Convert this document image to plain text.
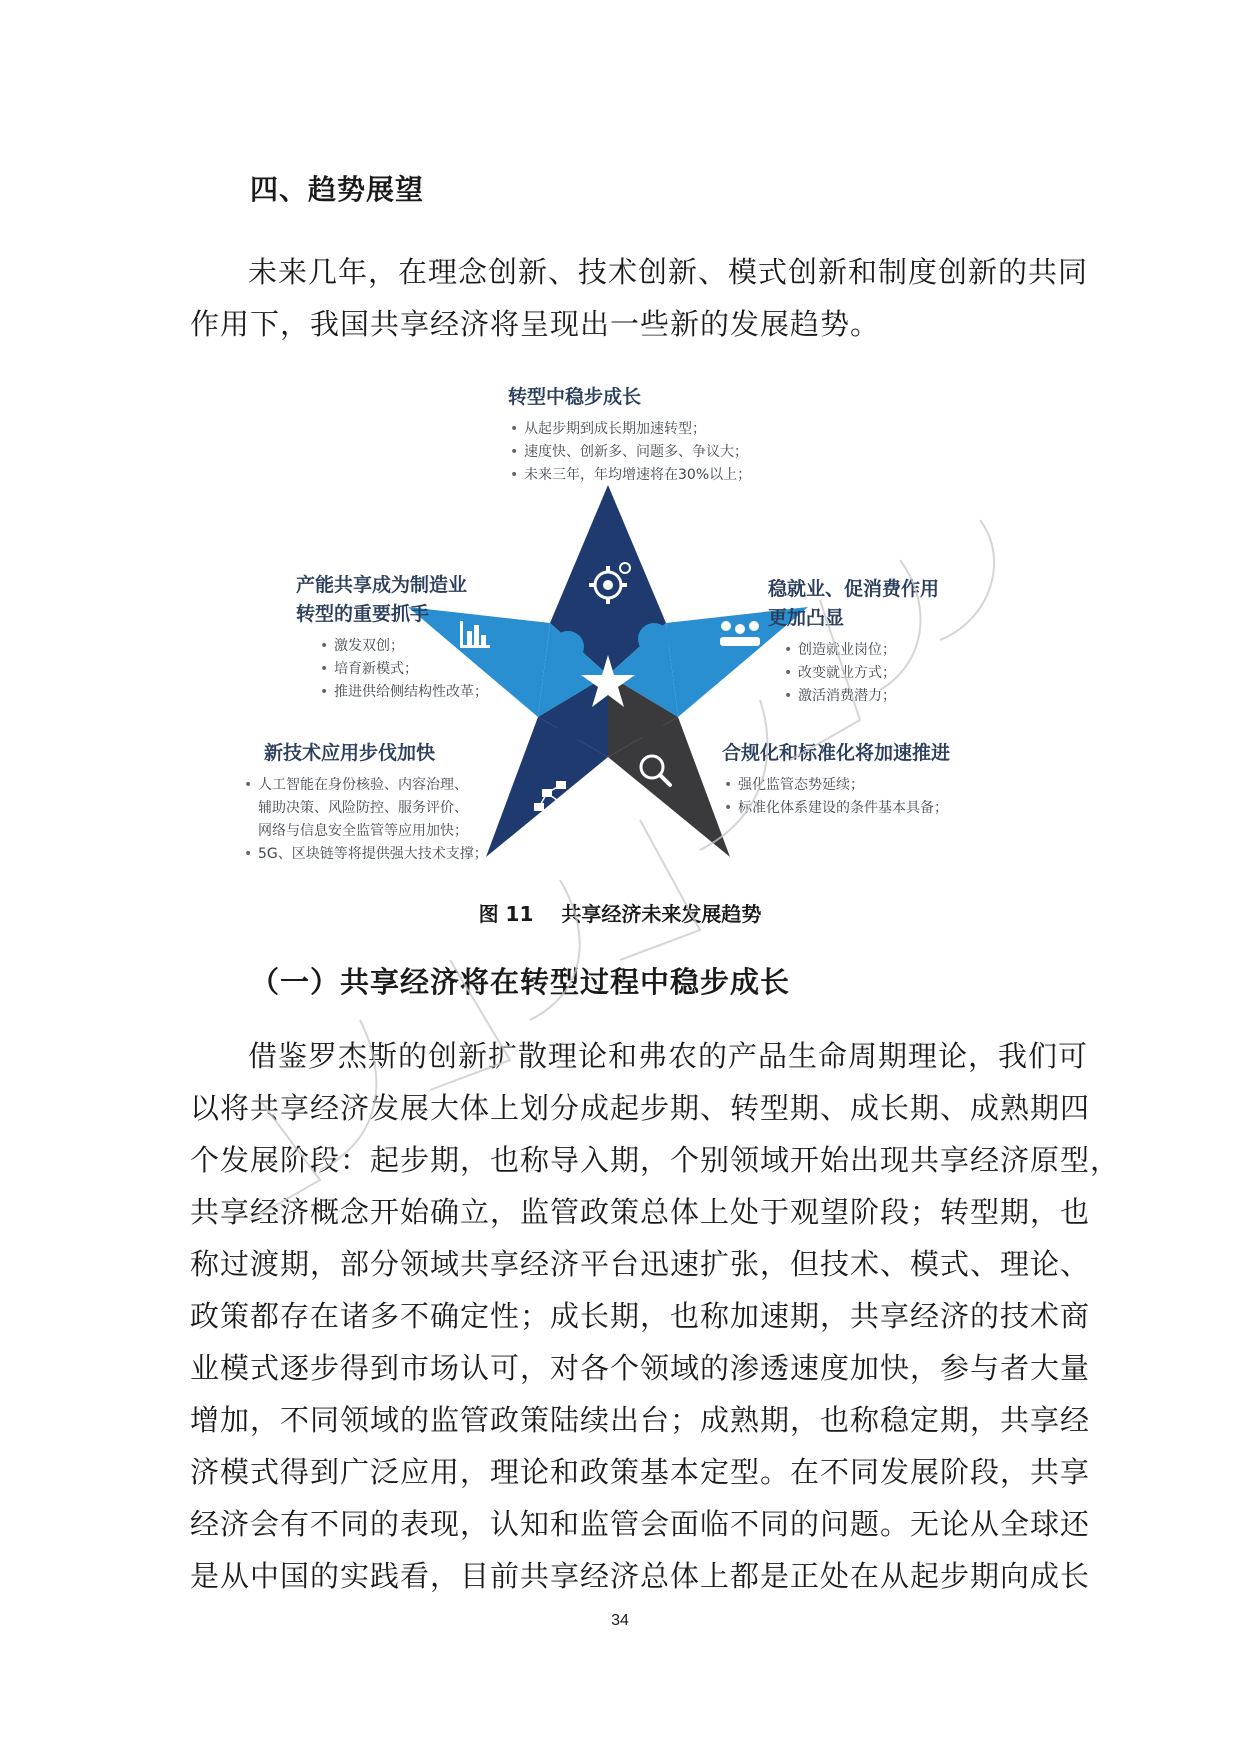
四、趋势展望
未来几年，在理念创新、技术创新、模式创新和制度创新的共同
作用下，我国共享经济将呈现出一些新的发展趋势。
转型中稳步成长
• 从起步期到成长期加速转型；
• 速度快、创新多、问题多、争议大；
• 未来三年，年均增速将在30%以上；
产能共享成为制造业
转型的重要抓手
• 激发双创；
• 培育新模式；
• 推进供给侧结构性改革；
稳就业、促消费作用
更加凸显
• 创造就业岗位；
• 改变就业方式；
• 激活消费潜力；
新技术应用步伐加快
• 人工智能在身份核验、内容治理、
辅助决策、风险防控、服务评价、
网络与信息安全监管等应用加快；
• 5G、区块链等将提供强大技术支撑；
合规化和标准化将加速推进
• 强化监管态势延续；
• 标准化体系建设的条件基本具备；
图 11 共享经济未来发展趋势
（一）共享经济将在转型过程中稳步成长
借鉴罗杰斯的创新扩散理论和弗农的产品生命周期理论，我们可
以将共享经济发展大体上划分成起步期、转型期、成长期、成熟期四
个发展阶段：起步期，也称导入期，个别领域开始出现共享经济原型，
共享经济概念开始确立，监管政策总体上处于观望阶段；转型期，也
称过渡期，部分领域共享经济平台迅速扩张，但技术、模式、理论、
政策都存在诸多不确定性；成长期，也称加速期，共享经济的技术商
业模式逐步得到市场认可，对各个领域的渗透速度加快，参与者大量
增加，不同领域的监管政策陆续出台；成熟期，也称稳定期，共享经
济模式得到广泛应用，理论和政策基本定型。在不同发展阶段，共享
经济会有不同的表现，认知和监管会面临不同的问题。无论从全球还
是从中国的实践看，目前共享经济总体上都是正处在从起步期向成长
34
